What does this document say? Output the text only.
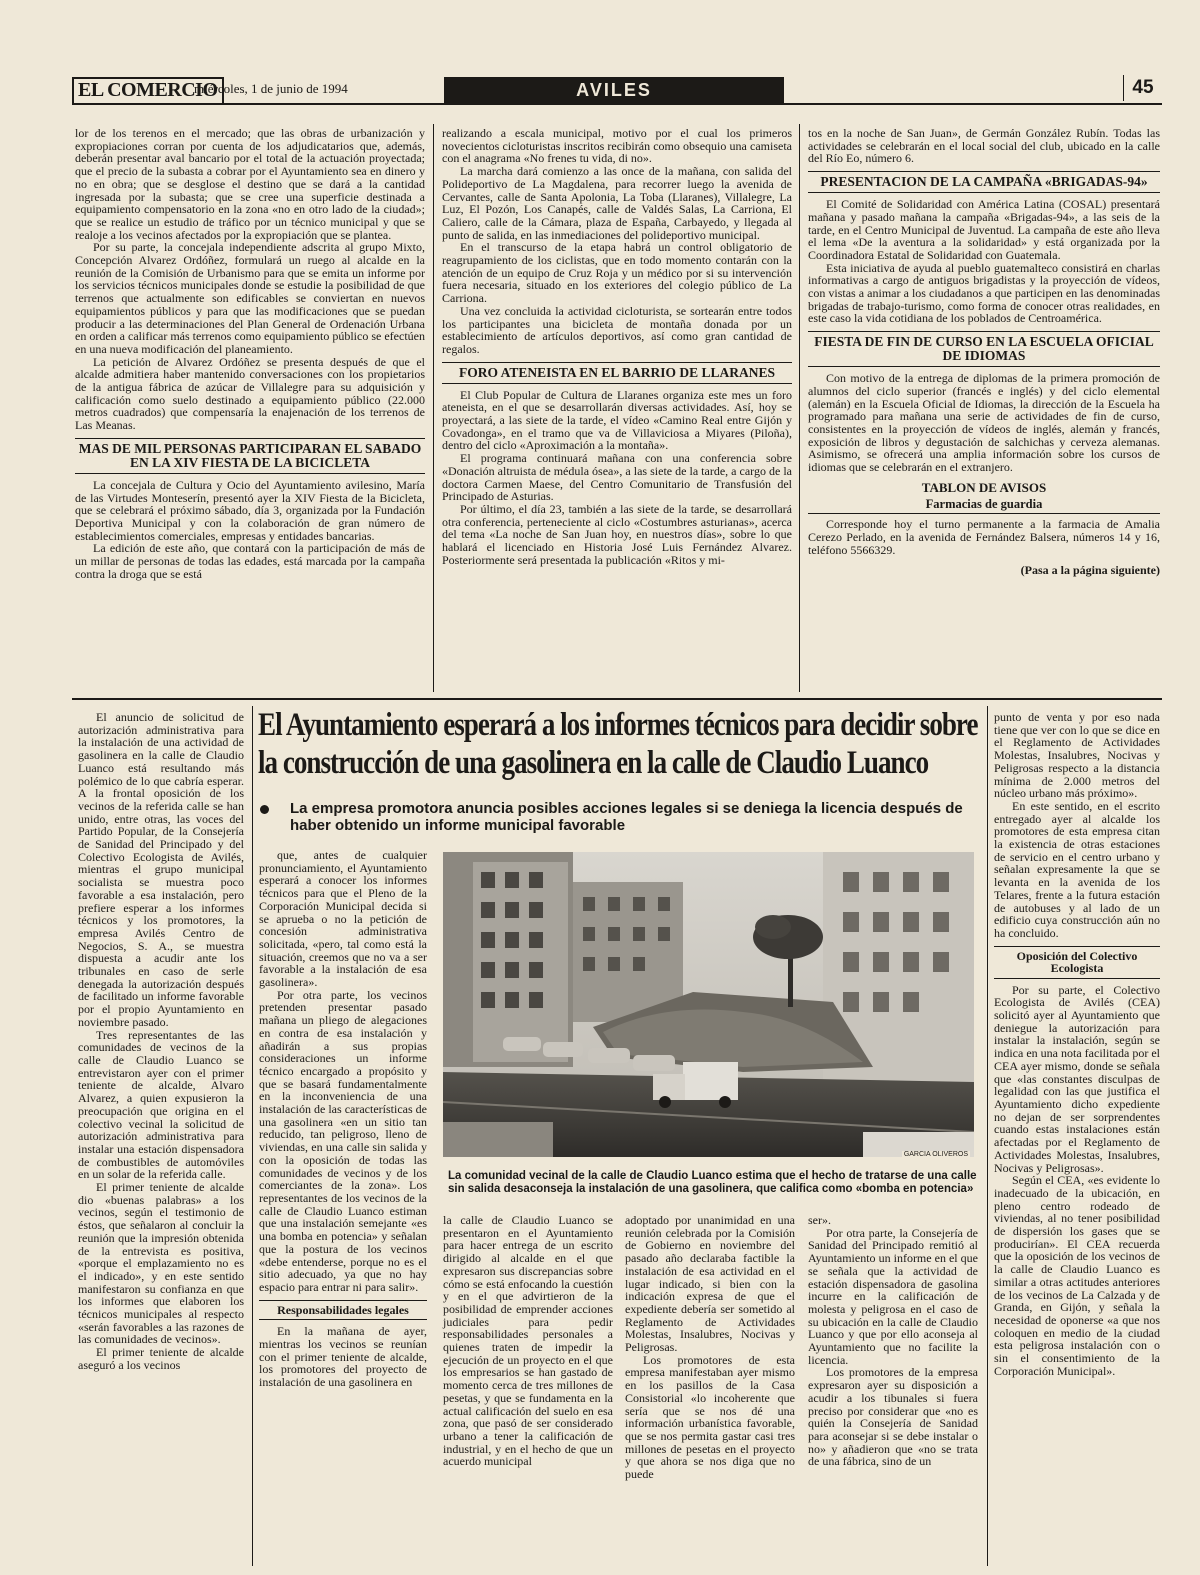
EL COMERCIO
miércoles, 1 de junio de 1994	AVILES	45

lor de los terenos en el mercado; que las obras de urbanización y expropiaciones corran por cuenta de los adjudicatarios que, además, deberán presentar aval bancario por el total de la actuación proyectada; que el precio de la subasta a cobrar por el Ayuntamiento sea en dinero y no en obra; que se desglose el destino que se dará a la cantidad ingresada por la subasta; que se cree una superficie destinada a equipamiento compensatorio en la zona «no en otro lado de la ciudad»; que se realice un estudio de tráfico por un técnico municipal y que se realoje a los vecinos afectados por la expropiación que se plantea.

Por su parte, la concejala independiente adscrita al grupo Mixto, Concepción Alvarez Ordóñez, formulará un ruego al alcalde en la reunión de la Comisión de Urbanismo para que se emita un informe por los servicios técnicos municipales donde se estudie la posibilidad de que terrenos que actualmente son edificables se conviertan en nuevos equipamientos públicos y para que las modificaciones que se puedan producir a las determinaciones del Plan General de Ordenación Urbana en orden a calificar más terrenos como equipamiento público se efectúen en una nueva modificación del planeamiento.

La petición de Alvarez Ordóñez se presenta después de que el alcalde admitiera haber mantenido conversaciones con los propietarios de la antigua fábrica de azúcar de Villalegre para su adquisición y calificación como suelo destinado a equipamiento público (22.000 metros cuadrados) que compensaría la enajenación de los terrenos de Las Meanas.

MAS DE MIL PERSONAS PARTICIPARAN EL SABADO EN LA XIV FIESTA DE LA BICICLETA

La concejala de Cultura y Ocio del Ayuntamiento avilesino, María de las Virtudes Monteserín, presentó ayer la XIV Fiesta de la Bicicleta, que se celebrará el próximo sábado, día 3, organizada por la Fundación Deportiva Municipal y con la colaboración de gran número de establecimientos comerciales, empresas y entidades bancarias.

La edición de este año, que contará con la participación de más de un millar de personas de todas las edades, está marcada por la campaña contra la droga que se está

realizando a escala municipal, motivo por el cual los primeros novecientos cicloturistas inscritos recibirán como obsequio una camiseta con el anagrama «No frenes tu vida, di no».

La marcha dará comienzo a las once de la mañana, con salida del Polideportivo de La Magdalena, para recorrer luego la avenida de Cervantes, calle de Santa Apolonia, La Toba (Llaranes), Villalegre, La Luz, El Pozón, Los Canapés, calle de Valdés Salas, La Carriona, El Caliero, calle de la Cámara, plaza de España, Carbayedo, y llegada al punto de salida, en las inmediaciones del polideportivo municipal.

En el transcurso de la etapa habrá un control obligatorio de reagrupamiento de los ciclistas, que en todo momento contarán con la atención de un equipo de Cruz Roja y un médico por si su intervención fuera necesaria, situado en los exteriores del colegio público de La Carriona.

Una vez concluida la actividad cicloturista, se sortearán entre todos los participantes una bicicleta de montaña donada por un establecimiento de artículos deportivos, así como gran cantidad de regalos.

FORO ATENEISTA EN EL BARRIO DE LLARANES

El Club Popular de Cultura de Llaranes organiza este mes un foro ateneista, en el que se desarrollarán diversas actividades. Así, hoy se proyectará, a las siete de la tarde, el vídeo «Camino Real entre Gijón y Covadonga», en el tramo que va de Villaviciosa a Miyares (Piloña), dentro del ciclo «Aproximación a la montaña».

El programa continuará mañana con una conferencia sobre «Donación altruista de médula ósea», a las siete de la tarde, a cargo de la doctora Carmen Maese, del Centro Comunitario de Transfusión del Principado de Asturias.

Por último, el día 23, también a las siete de la tarde, se desarrollará otra conferencia, perteneciente al ciclo «Costumbres asturianas», acerca del tema «La noche de San Juan hoy, en nuestros días», sobre lo que hablará el licenciado en Historia José Luis Fernández Alvarez. Posteriormente será presentada la publicación «Ritos y mi-

tos en la noche de San Juan», de Germán González Rubín. Todas las actividades se celebrarán en el local social del club, ubicado en la calle del Río Eo, número 6.

PRESENTACION DE LA CAMPAÑA «BRIGADAS-94»

El Comité de Solidaridad con América Latina (COSAL) presentará mañana y pasado mañana la campaña «Brigadas-94», a las seis de la tarde, en el Centro Municipal de Juventud. La campaña de este año lleva el lema «De la aventura a la solidaridad» y está organizada por la Coordinadora Estatal de Solidaridad con Guatemala.

Esta iniciativa de ayuda al pueblo guatemalteco consistirá en charlas informativas a cargo de antiguos brigadistas y la proyección de vídeos, con vistas a animar a los ciudadanos a que participen en las denominadas brigadas de trabajo-turismo, como forma de conocer otras realidades, en este caso la vida cotidiana de los poblados de Centroamérica.

FIESTA DE FIN DE CURSO EN LA ESCUELA OFICIAL DE IDIOMAS

Con motivo de la entrega de diplomas de la primera promoción de alumnos del ciclo superior (francés e inglés) y del ciclo elemental (alemán) en la Escuela Oficial de Idiomas, la dirección de la Escuela ha programado para mañana una serie de actividades de fin de curso, consistentes en la proyección de vídeos de inglés, alemán y francés, exposición de libros y degustación de salchichas y cerveza alemanas. Asimismo, se ofrecerá una amplia información sobre los cursos de idiomas que se celebrarán en el extranjero.

TABLON DE AVISOS
Farmacias de guardia

Corresponde hoy el turno permanente a la farmacia de Amalia Cerezo Perlado, en la avenida de Fernández Balsera, números 14 y 16, teléfono 5566329.

(Pasa a la página siguiente)
El Ayuntamiento esperará a los informes técnicos para decidir sobre
la construcción de una gasolinera en la calle de Claudio Luanco
La empresa promotora anuncia posibles acciones legales si se deniega la licencia después de haber obtenido un informe municipal favorable
GARCIA OLIVEROS
La comunidad vecinal de la calle de Claudio Luanco estima que el hecho de tratarse de una calle sin salida desaconseja la instalación de una gasolinera, que califica como «bomba en potencia»

El anuncio de solicitud de autorización administrativa para la instalación de una actividad de gasolinera en la calle de Claudio Luanco está resultando más polémico de lo que cabría esperar. A la frontal oposición de los vecinos de la referida calle se han unido, entre otras, las voces del Partido Popular, de la Consejería de Sanidad del Principado y del Colectivo Ecologista de Avilés, mientras el grupo municipal socialista se muestra poco favorable a esa instalación, pero prefiere esperar a los informes técnicos y los promotores, la empresa Avilés Centro de Negocios, S. A., se muestra dispuesta a acudir ante los tribunales en caso de serle denegada la autorización después de facilitado un informe favorable por el propio Ayuntamiento en noviembre pasado.

Tres representantes de las comunidades de vecinos de la calle de Claudio Luanco se entrevistaron ayer con el primer teniente de alcalde, Alvaro Alvarez, a quien expusieron la preocupación que origina en el colectivo vecinal la solicitud de autorización administrativa para instalar una estación dispensadora de combustibles de automóviles en un solar de la referida calle.

El primer teniente de alcalde dio «buenas palabras» a los vecinos, según el testimonio de éstos, que señalaron al concluir la reunión que la impresión obtenida de la entrevista es positiva, «porque el emplazamiento no es el indicado», y en este sentido manifestaron su confianza en que los informes que elaboren los técnicos municipales al respecto «serán favorables a las razones de las comunidades de vecinos».

El primer teniente de alcalde aseguró a los vecinos

que, antes de cualquier pronunciamiento, el Ayuntamiento esperará a conocer los informes técnicos para que el Pleno de la Corporación Municipal decida si se aprueba o no la petición de concesión administrativa solicitada, «pero, tal como está la situación, creemos que no va a ser favorable a la instalación de esa gasolinera».

Por otra parte, los vecinos pretenden presentar pasado mañana un pliego de alegaciones en contra de esa instalación y añadirán a sus propias consideraciones un informe técnico encargado a propósito y que se basará fundamentalmente en la inconveniencia de una instalación de las características de una gasolinera «en un sitio tan reducido, tan peligroso, lleno de viviendas, en una calle sin salida y con la oposición de todas las comunidades de vecinos y de los comerciantes de la zona». Los representantes de los vecinos de la calle de Claudio Luanco estiman que una instalación semejante «es una bomba en potencia» y señalan que la postura de los vecinos «debe entenderse, porque no es el sitio adecuado, ya que no hay espacio para entrar ni para salir».

Responsabilidades legales

En la mañana de ayer, mientras los vecinos se reunían con el primer teniente de alcalde, los promotores del proyecto de instalación de una gasolinera en

la calle de Claudio Luanco se presentaron en el Ayuntamiento para hacer entrega de un escrito dirigido al alcalde en el que expresaron sus discrepancias sobre cómo se está enfocando la cuestión y en el que advirtieron de la posibilidad de emprender acciones judiciales para pedir responsabilidades personales a quienes traten de impedir la ejecución de un proyecto en el que los empresarios se han gastado de momento cerca de tres millones de pesetas, y que se fundamenta en la actual calificación del suelo en esa zona, que pasó de ser considerado urbano a tener la calificación de industrial, y en el hecho de que un acuerdo municipal

adoptado por unanimidad en una reunión celebrada por la Comisión de Gobierno en noviembre del pasado año declaraba factible la instalación de esa actividad en el lugar indicado, si bien con la indicación expresa de que el expediente debería ser sometido al Reglamento de Actividades Molestas, Insalubres, Nocivas y Peligrosas.

Los promotores de esta empresa manifestaban ayer mismo en los pasillos de la Casa Consistorial «lo incoherente que sería que se nos dé una información urbanística favorable, que se nos permita gastar casi tres millones de pesetas en el proyecto y que ahora se nos diga que no puede

ser».

Por otra parte, la Consejería de Sanidad del Principado remitió al Ayuntamiento un informe en el que se señala que la actividad de estación dispensadora de gasolina incurre en la calificación de molesta y peligrosa en el caso de su ubicación en la calle de Claudio Luanco y que por ello aconseja al Ayuntamiento que no facilite la licencia.

Los promotores de la empresa expresaron ayer su disposición a acudir a los tibunales si fuera preciso por considerar que «no es quién la Consejería de Sanidad para aconsejar si se debe instalar o no» y añadieron que «no se trata de una fábrica, sino de un

punto de venta y por eso nada tiene que ver con lo que se dice en el Reglamento de Actividades Molestas, Insalubres, Nocivas y Peligrosas respecto a la distancia mínima de 2.000 metros del núcleo urbano más próximo».

En este sentido, en el escrito entregado ayer al alcalde los promotores de esta empresa citan la existencia de otras estaciones de servicio en el centro urbano y señalan expresamente la que se levanta en la avenida de los Telares, frente a la futura estación de autobuses y al lado de un edificio cuya construcción aún no ha concluido.

Oposición del Colectivo Ecologista

Por su parte, el Colectivo Ecologista de Avilés (CEA) solicitó ayer al Ayuntamiento que deniegue la autorización para instalar la instalación, según se indica en una nota facilitada por el CEA ayer mismo, donde se señala que «las constantes disculpas de legalidad con las que justifica el Ayuntamiento dicho expediente no dejan de ser sorprendentes cuando estas instalaciones están afectadas por el Reglamento de Actividades Molestas, Insalubres, Nocivas y Peligrosas».

Según el CEA, «es evidente lo inadecuado de la ubicación, en pleno centro rodeado de viviendas, al no tener posibilidad de dispersión los gases que se producirían». El CEA recuerda que la oposición de los vecinos de la calle de Claudio Luanco es similar a otras actitudes anteriores de los vecinos de La Calzada y de Granda, en Gijón, y señala la necesidad de oponerse «a que nos coloquen en medio de la ciudad esta peligrosa instalación con o sin el consentimiento de la Corporación Municipal».
